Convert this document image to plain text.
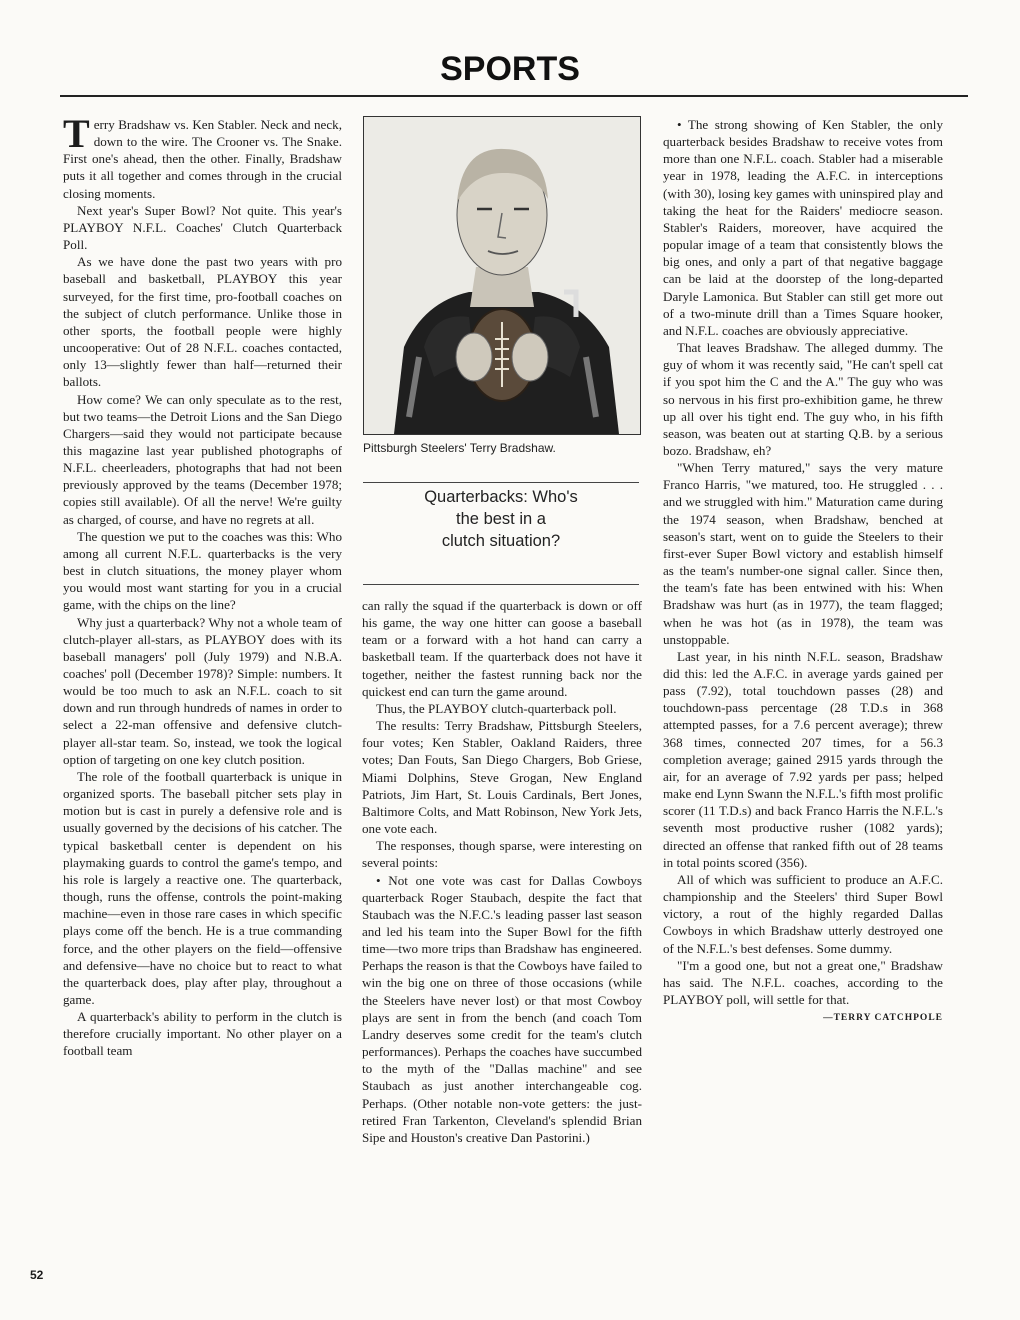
SPORTS

Terry Bradshaw vs. Ken Stabler. Neck and neck, down to the wire. The Crooner vs. The Snake. First one's ahead, then the other. Finally, Bradshaw puts it all together and comes through in the crucial closing moments.

Next year's Super Bowl? Not quite. This year's PLAYBOY N.F.L. Coaches' Clutch Quarterback Poll.

As we have done the past two years with pro baseball and basketball, PLAYBOY this year surveyed, for the first time, pro-football coaches on the subject of clutch performance. Unlike those in other sports, the football people were highly uncooperative: Out of 28 N.F.L. coaches contacted, only 13—slightly fewer than half—returned their ballots.

How come? We can only speculate as to the rest, but two teams—the Detroit Lions and the San Diego Chargers—said they would not participate because this magazine last year published photographs of N.F.L. cheerleaders, photographs that had not been previously approved by the teams (December 1978; copies still available). Of all the nerve! We're guilty as charged, of course, and have no regrets at all.

The question we put to the coaches was this: Who among all current N.F.L. quarterbacks is the very best in clutch situations, the money player whom you would most want starting for you in a crucial game, with the chips on the line?

Why just a quarterback? Why not a whole team of clutch-player all-stars, as PLAYBOY does with its baseball managers' poll (July 1979) and N.B.A. coaches' poll (December 1978)? Simple: numbers. It would be too much to ask an N.F.L. coach to sit down and run through hundreds of names in order to select a 22-man offensive and defensive clutch-player all-star team. So, instead, we took the logical option of targeting on one key clutch position.

The role of the football quarterback is unique in organized sports. The baseball pitcher sets play in motion but is cast in purely a defensive role and is usually governed by the decisions of his catcher. The typical basketball center is dependent on his playmaking guards to control the game's tempo, and his role is largely a reactive one. The quarterback, though, runs the offense, controls the point-making machine—even in those rare cases in which specific plays come off the bench. He is a true commanding force, and the other players on the field—offensive and defensive—have no choice but to react to what the quarterback does, play after play, throughout a game.

A quarterback's ability to perform in the clutch is therefore crucially important. No other player on a football team

Pittsburgh Steelers' Terry Bradshaw.
Quarterbacks: Who's
the best in a
clutch situation?

can rally the squad if the quarterback is down or off his game, the way one hitter can goose a baseball team or a forward with a hot hand can carry a basketball team. If the quarterback does not have it together, neither the fastest running back nor the quickest end can turn the game around.

Thus, the PLAYBOY clutch-quarterback poll.

The results: Terry Bradshaw, Pittsburgh Steelers, four votes; Ken Stabler, Oakland Raiders, three votes; Dan Fouts, San Diego Chargers, Bob Griese, Miami Dolphins, Steve Grogan, New England Patriots, Jim Hart, St. Louis Cardinals, Bert Jones, Baltimore Colts, and Matt Robinson, New York Jets, one vote each.

The responses, though sparse, were interesting on several points:

• Not one vote was cast for Dallas Cowboys quarterback Roger Staubach, despite the fact that Staubach was the N.F.C.'s leading passer last season and led his team into the Super Bowl for the fifth time—two more trips than Bradshaw has engineered. Perhaps the reason is that the Cowboys have failed to win the big one on three of those occasions (while the Steelers have never lost) or that most Cowboy plays are sent in from the bench (and coach Tom Landry deserves some credit for the team's clutch performances). Perhaps the coaches have succumbed to the myth of the "Dallas machine" and see Staubach as just another interchangeable cog. Perhaps. (Other notable non-vote getters: the just-retired Fran Tarkenton, Cleveland's splendid Brian Sipe and Houston's creative Dan Pastorini.)

• The strong showing of Ken Stabler, the only quarterback besides Bradshaw to receive votes from more than one N.F.L. coach. Stabler had a miserable year in 1978, leading the A.F.C. in interceptions (with 30), losing key games with uninspired play and taking the heat for the Raiders' mediocre season. Stabler's Raiders, moreover, have acquired the popular image of a team that consistently blows the big ones, and only a part of that negative baggage can be laid at the doorstep of the long-departed Daryle Lamonica. But Stabler can still get more out of a two-minute drill than a Times Square hooker, and N.F.L. coaches are obviously appreciative.

That leaves Bradshaw. The alleged dummy. The guy of whom it was recently said, "He can't spell cat if you spot him the C and the A." The guy who was so nervous in his first pro-exhibition game, he threw up all over his tight end. The guy who, in his fifth season, was beaten out at starting Q.B. by a serious bozo. Bradshaw, eh?

"When Terry matured," says the very mature Franco Harris, "we matured, too. He struggled . . . and we struggled with him." Maturation came during the 1974 season, when Bradshaw, benched at season's start, went on to guide the Steelers to their first-ever Super Bowl victory and establish himself as the team's number-one signal caller. Since then, the team's fate has been entwined with his: When Bradshaw was hurt (as in 1977), the team flagged; when he was hot (as in 1978), the team was unstoppable.

Last year, in his ninth N.F.L. season, Bradshaw did this: led the A.F.C. in average yards gained per pass (7.92), total touchdown passes (28) and touchdown-pass percentage (28 T.D.s in 368 attempted passes, for a 7.6 percent average); threw 368 times, connected 207 times, for a 56.3 completion average; gained 2915 yards through the air, for an average of 7.92 yards per pass; helped make end Lynn Swann the N.F.L.'s fifth most prolific scorer (11 T.D.s) and back Franco Harris the N.F.L.'s seventh most productive rusher (1082 yards); directed an offense that ranked fifth out of 28 teams in total points scored (356).

All of which was sufficient to produce an A.F.C. championship and the Steelers' third Super Bowl victory, a rout of the highly regarded Dallas Cowboys in which Bradshaw utterly destroyed one of the N.F.L.'s best defenses. Some dummy.

"I'm a good one, but not a great one," Bradshaw has said. The N.F.L. coaches, according to the PLAYBOY poll, will settle for that.
—TERRY CATCHPOLE

52
